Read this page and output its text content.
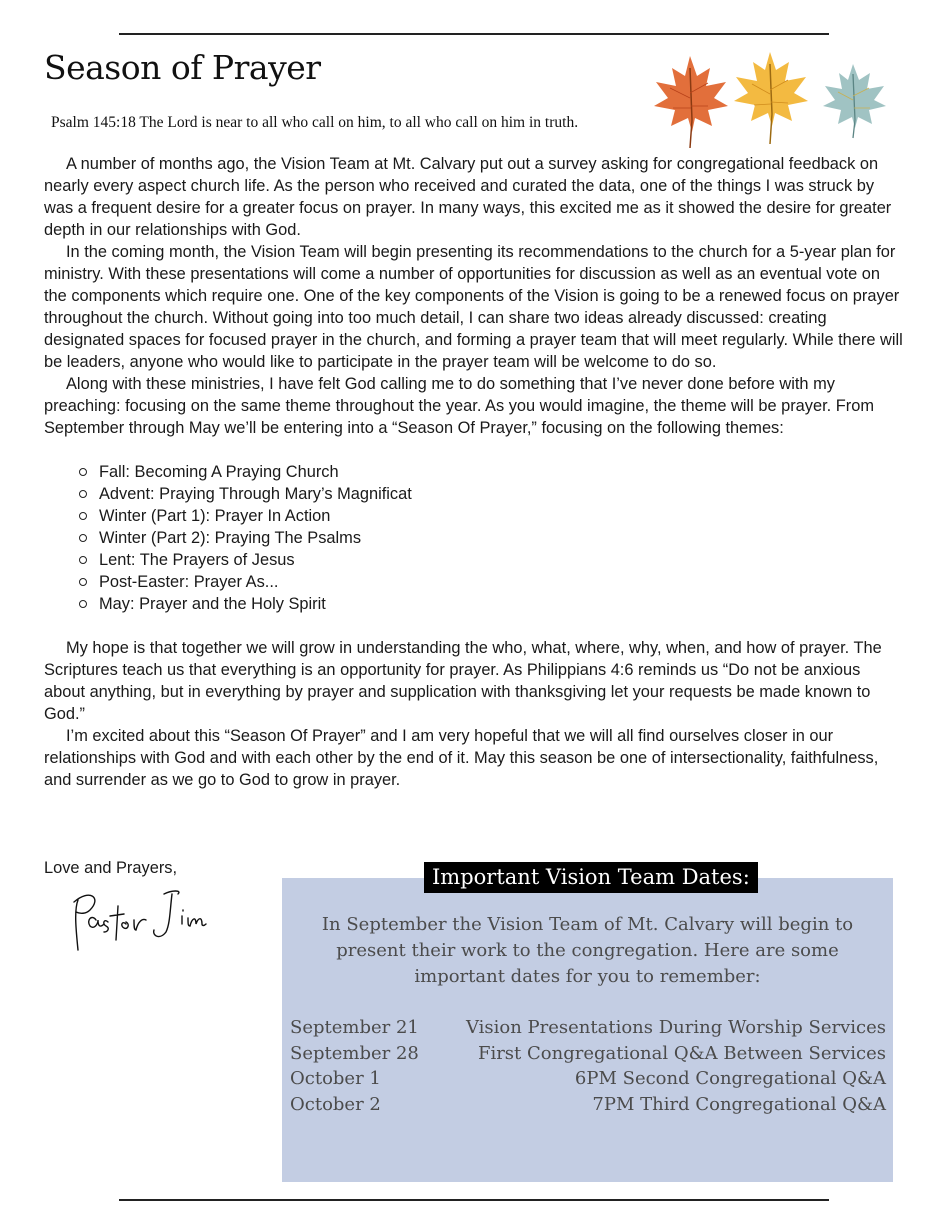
Season of Prayer
Psalm 145:18 The Lord is near to all who call on him, to all who call on him in truth.

A number of months ago, the Vision Team at Mt. Calvary put out a survey asking for congregational feedback on nearly every aspect church life. As the person who received and curated the data, one of the things I was struck by was a frequent desire for a greater focus on prayer. In many ways, this excited me as it showed the desire for greater depth in our relationships with God.

In the coming month, the Vision Team will begin presenting its recommendations to the church for a 5-year plan for ministry. With these presentations will come a number of opportunities for discussion as well as an eventual vote on the components which require one. One of the key components of the Vision is going to be a renewed focus on prayer throughout the church. Without going into too much detail, I can share two ideas already discussed: creating designated spaces for focused prayer in the church, and forming a prayer team that will meet regularly. While there will be leaders, anyone who would like to participate in the prayer team will be welcome to do so.

Along with these ministries, I have felt God calling me to do something that I’ve never done before with my preaching: focusing on the same theme throughout the year. As you would imagine, the theme will be prayer. From September through May we’ll be entering into a “Season Of Prayer,” focusing on the following themes:

Fall: Becoming A Praying Church
Advent: Praying Through Mary’s Magnificat
Winter (Part 1): Prayer In Action
Winter (Part 2): Praying The Psalms
Lent: The Prayers of Jesus
Post-Easter: Prayer As...
May: Prayer and the Holy Spirit

My hope is that together we will grow in understanding the who, what, where, why, when, and how of prayer. The Scriptures teach us that everything is an opportunity for prayer. As Philippians 4:6 reminds us “Do not be anxious about anything, but in everything by prayer and supplication with thanksgiving let your requests be made known to God.”

I’m excited about this “Season Of Prayer” and I am very hopeful that we will all find ourselves closer in our relationships with God and with each other by the end of it. May this season be one of intersectionality, faithfulness, and surrender as we go to God to grow in prayer.

Love and Prayers,	Important Vision Team Dates:
In September the Vision Team of Mt. Calvary will begin to present their work to the congregation. Here are some important dates for you to remember:
September 21	Vision Presentations During Worship Services
September 28	First Congregational Q&A Between Services
October 1	6PM Second Congregational Q&A
October 2	7PM Third Congregational Q&A
